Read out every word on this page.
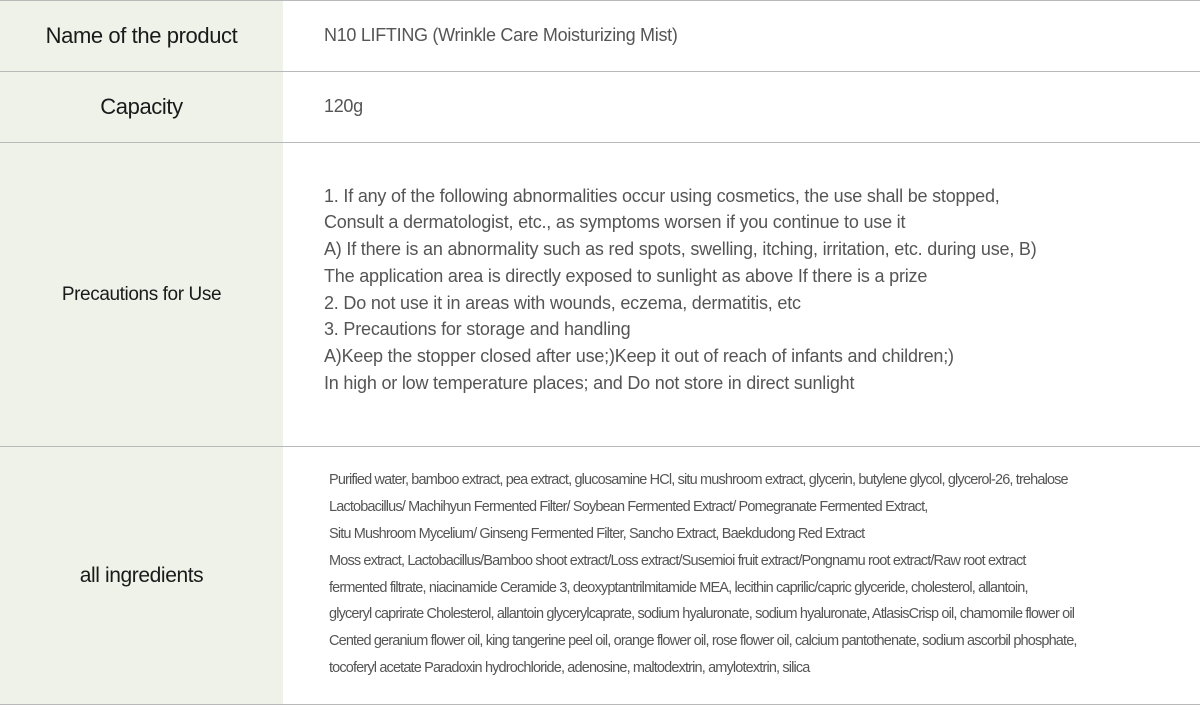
Name of the product	N10 LIFTING (Wrinkle Care Moisturizing Mist)
Capacity	120g
Precautions for Use
1. If any of the following abnormalities occur using cosmetics, the use shall be stopped,
Consult a dermatologist, etc., as symptoms worsen if you continue to use it
A) If there is an abnormality such as red spots, swelling, itching, irritation, etc. during use, B)
The application area is directly exposed to sunlight as above If there is a prize
2. Do not use it in areas with wounds, eczema, dermatitis, etc
3. Precautions for storage and handling
A)Keep the stopper closed after use;)Keep it out of reach of infants and children;)
In high or low temperature places; and Do not store in direct sunlight
all ingredients
Purified water, bamboo extract, pea extract, glucosamine HCl, situ mushroom extract, glycerin, butylene glycol, glycerol-26, trehalose
Lactobacillus/ Machihyun Fermented Filter/ Soybean Fermented Extract/ Pomegranate Fermented Extract,
Situ Mushroom Mycelium/ Ginseng Fermented Filter, Sancho Extract, Baekdudong Red Extract
Moss extract, Lactobacillus/Bamboo shoot extract/Loss extract/Susemioi fruit extract/Pongnamu root extract/Raw root extract
fermented filtrate, niacinamide Ceramide 3, deoxyptantrilmitamide MEA, lecithin caprilic/capric glyceride, cholesterol, allantoin,
glyceryl caprirate Cholesterol, allantoin glycerylcaprate, sodium hyaluronate, sodium hyaluronate, AtlasisCrisp oil, chamomile flower oil
Cented geranium flower oil, king tangerine peel oil, orange flower oil, rose flower oil, calcium pantothenate, sodium ascorbil phosphate,
tocoferyl acetate Paradoxin hydrochloride, adenosine, maltodextrin, amylotextrin, silica
